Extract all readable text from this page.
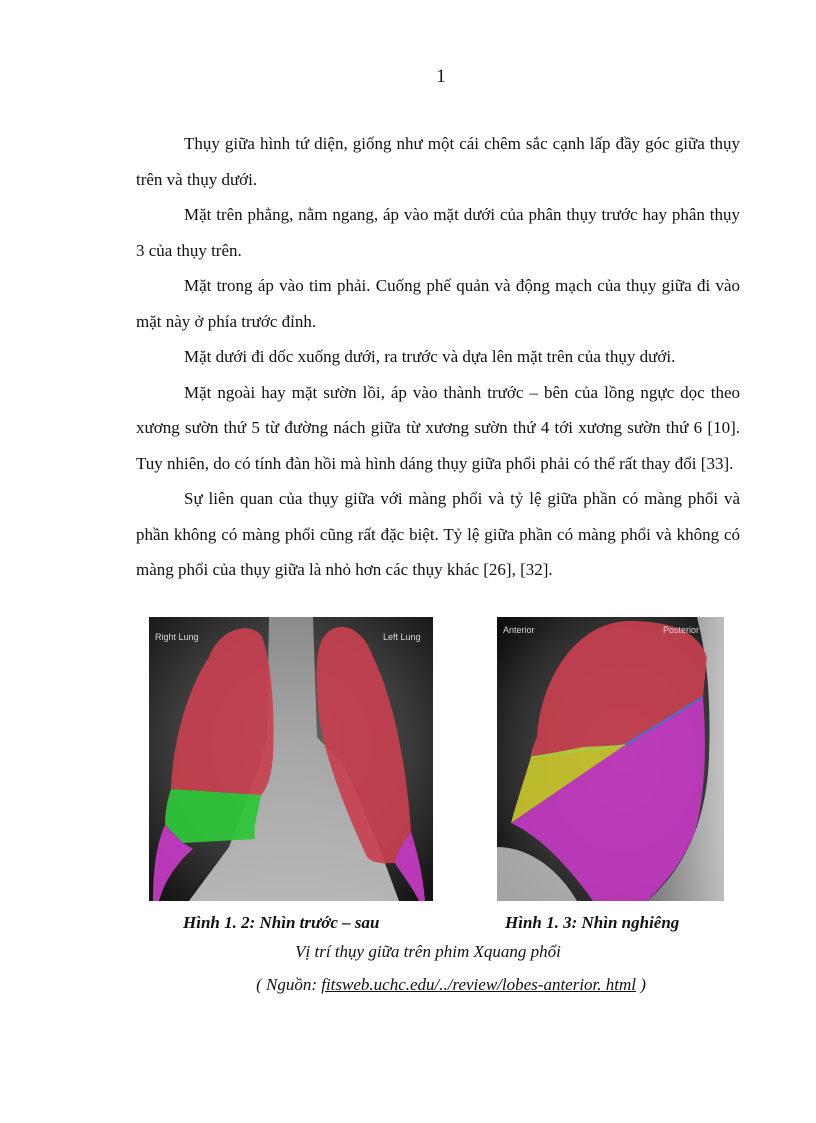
1

Thụy giữa hình tứ diện, giống như một cái chêm sắc cạnh lấp đầy góc giữa thụy trên và thụy dưới.

Mặt trên phẳng, nằm ngang, áp vào mặt dưới của phân thụy trước hay phân thụy 3 của thụy trên.

Mặt trong áp vào tim phải. Cuống phế quản và động mạch của thụy giữa đi vào mặt này ở phía trước đỉnh.

Mặt dưới đi dốc xuống dưới, ra trước và dựa lên mặt trên của thụy dưới.

Mặt ngoài hay mặt sườn lồi, áp vào thành trước – bên của lồng ngực dọc theo xương sườn thứ 5 từ đường nách giữa từ xương sườn thứ 4 tới xương sườn thứ 6 [10]. Tuy nhiên, do có tính đàn hồi mà hình dáng thụy giữa phổi phải có thể rất thay đổi [33].

Sự liên quan của thụy giữa với màng phổi và tỷ lệ giữa phần có màng phổi và phần không có màng phổi cũng rất đặc biệt. Tỷ lệ giữa phần có màng phổi và không có màng phổi của thụy giữa là nhỏ hơn các thụy khác [26], [32].

Right Lung	Left Lung
Anterior	Posterior
Hình 1. 2: Nhìn trước – sau	Hình 1. 3: Nhìn nghiêng
Vị trí thụy giữa trên phim Xquang phổi
( Nguồn: fitsweb.uchc.edu/../review/lobes-anterior. html )
